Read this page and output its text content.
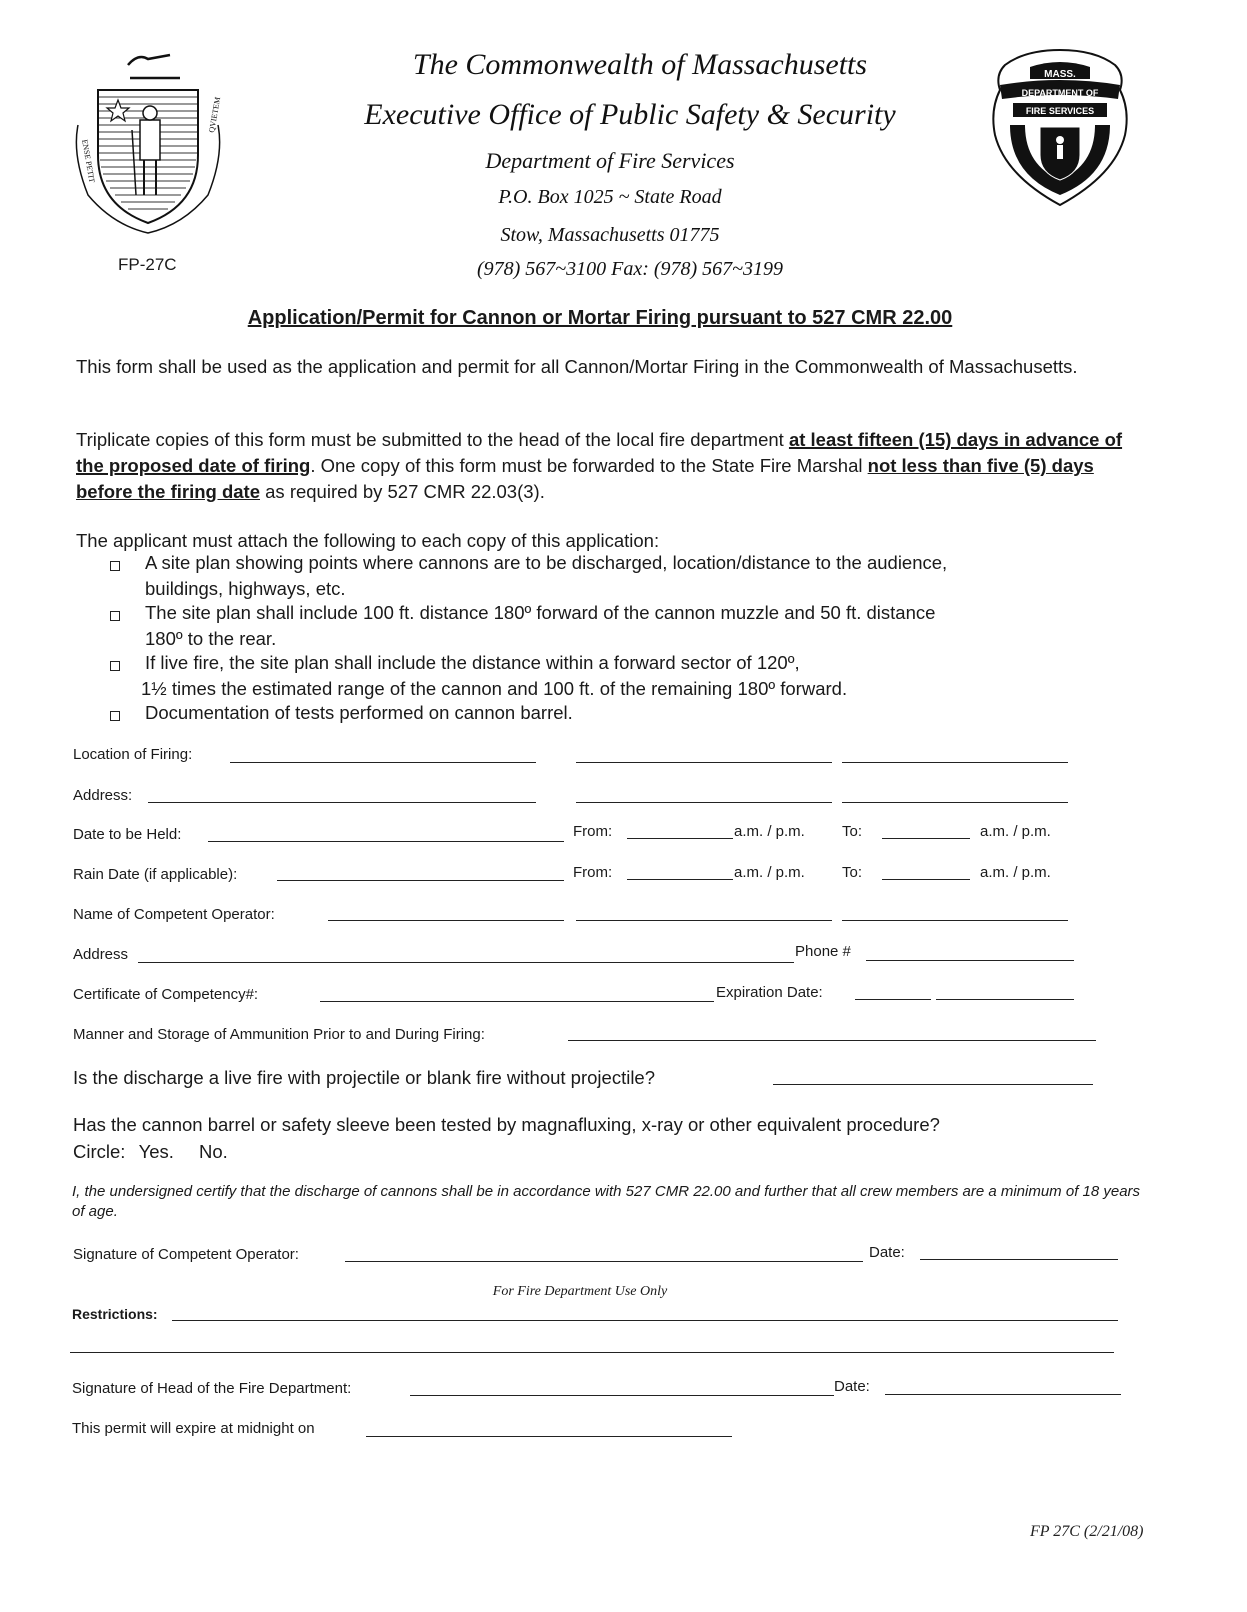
ENSE PETIT
QVIETEM
FP-27C
The Commonwealth of Massachusetts
Executive Office of Public Safety & Security
Department of Fire Services
P.O. Box 1025 ~ State Road
Stow, Massachusetts 01775
(978) 567~3100 Fax: (978) 567~3199
MASS.
DEPARTMENT OF
FIRE SERVICES
Application/Permit for Cannon or Mortar Firing pursuant to 527 CMR 22.00
This form shall be used as the application and permit for all Cannon/Mortar Firing in the Commonwealth of Massachusetts.
Triplicate copies of this form must be submitted to the head of the local fire department at least fifteen (15) days in advance of the proposed date of firing. One copy of this form must be forwarded to the State Fire Marshal not less than five (5) days before the firing date as required by 527 CMR 22.03(3).
The applicant must attach the following to each copy of this application:
A site plan showing points where cannons are to be discharged, location/distance to the audience,
buildings, highways, etc.
The site plan shall include 100 ft. distance 180º forward of the cannon muzzle and 50 ft. distance
180º to the rear.
If live fire, the site plan shall include the distance within a forward sector of 120º,
1½ times the estimated range of the cannon and 100 ft. of the remaining 180º forward.
Documentation of tests performed on cannon barrel.
Location of Firing:
Address:
Date to be Held:	From:	a.m. / p.m. To:	a.m. / p.m.
Rain Date (if applicable):	From:	a.m. / p.m. To:	a.m. / p.m.
Name of Competent Operator:
Address	Phone #
Certificate of Competency#:	Expiration Date:
Manner and Storage of Ammunition Prior to and During Firing:
Is the discharge a live fire with projectile or blank fire without projectile?
Has the cannon barrel or safety sleeve been tested by magnafluxing, x-ray or other equivalent procedure?
Circle: Yes. No.
I, the undersigned certify that the discharge of cannons shall be in accordance with 527 CMR 22.00 and further that all crew members are a minimum of 18 years of age.
Signature of Competent Operator:	Date:
For Fire Department Use Only
Restrictions:
Signature of Head of the Fire Department:	Date:
This permit will expire at midnight on
FP 27C (2/21/08)
